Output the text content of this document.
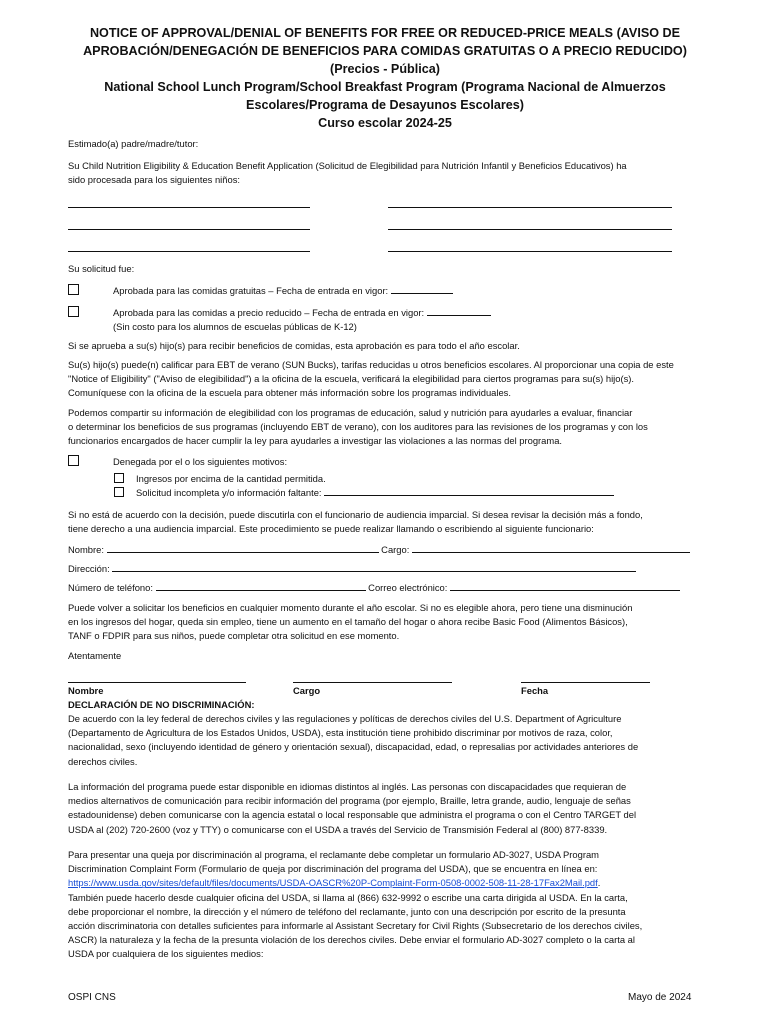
NOTICE OF APPROVAL/DENIAL OF BENEFITS FOR FREE OR REDUCED-PRICE MEALS (AVISO DE
APROBACIÓN/DENEGACIÓN DE BENEFICIOS PARA COMIDAS GRATUITAS O A PRECIO REDUCIDO)
(Precios - Pública)
National School Lunch Program/School Breakfast Program (Programa Nacional de Almuerzos
Escolares/Programa de Desayunos Escolares)
Curso escolar 2024-25
Estimado(a) padre/madre/tutor:
Su Child Nutrition Eligibility & Education Benefit Application (Solicitud de Elegibilidad para Nutrición Infantil y Beneficios Educativos) ha
sido procesada para los siguientes niños:
Su solicitud fue:
Aprobada para las comidas gratuitas – Fecha de entrada en vigor:
Aprobada para las comidas a precio reducido – Fecha de entrada en vigor:
(Sin costo para los alumnos de escuelas públicas de K-12)
Si se aprueba a su(s) hijo(s) para recibir beneficios de comidas, esta aprobación es para todo el año escolar.
Su(s) hijo(s) puede(n) calificar para EBT de verano (SUN Bucks), tarifas reducidas u otros beneficios escolares. Al proporcionar una copia de este
"Notice of Eligibility" ("Aviso de elegibilidad") a la oficina de la escuela, verificará la elegibilidad para ciertos programas para su(s) hijo(s).
Comuníquese con la oficina de la escuela para obtener más información sobre los programas individuales.
Podemos compartir su información de elegibilidad con los programas de educación, salud y nutrición para ayudarles a evaluar, financiar
o determinar los beneficios de sus programas (incluyendo EBT de verano), con los auditores para las revisiones de los programas y con los
funcionarios encargados de hacer cumplir la ley para ayudarles a investigar las violaciones a las normas del programa.
Denegada por el o los siguientes motivos:
Ingresos por encima de la cantidad permitida.
Solicitud incompleta y/o información faltante:
Si no está de acuerdo con la decisión, puede discutirla con el funcionario de audiencia imparcial. Si desea revisar la decisión más a fondo,
tiene derecho a una audiencia imparcial. Este procedimiento se puede realizar llamando o escribiendo al siguiente funcionario:
Nombre:	Cargo:
Dirección:
Número de teléfono:	Correo electrónico:
Puede volver a solicitar los beneficios en cualquier momento durante el año escolar. Si no es elegible ahora, pero tiene una disminución
en los ingresos del hogar, queda sin empleo, tiene un aumento en el tamaño del hogar o ahora recibe Basic Food (Alimentos Básicos),
TANF o FDPIR para sus niños, puede completar otra solicitud en ese momento.
Atentamente
Nombre	Cargo	Fecha
DECLARACIÓN DE NO DISCRIMINACIÓN:
De acuerdo con la ley federal de derechos civiles y las regulaciones y políticas de derechos civiles del U.S. Department of Agriculture
(Departamento de Agricultura de los Estados Unidos, USDA), esta institución tiene prohibido discriminar por motivos de raza, color,
nacionalidad, sexo (incluyendo identidad de género y orientación sexual), discapacidad, edad, o represalias por actividades anteriores de
derechos civiles.
La información del programa puede estar disponible en idiomas distintos al inglés. Las personas con discapacidades que requieran de
medios alternativos de comunicación para recibir información del programa (por ejemplo, Braille, letra grande, audio, lenguaje de señas
estadounidense) deben comunicarse con la agencia estatal o local responsable que administra el programa o con el Centro TARGET del
USDA al (202) 720-2600 (voz y TTY) o comunicarse con el USDA a través del Servicio de Transmisión Federal al (800) 877-8339.
Para presentar una queja por discriminación al programa, el reclamante debe completar un formulario AD-3027, USDA Program
Discrimination Complaint Form (Formulario de queja por discriminación del programa del USDA), que se encuentra en línea en:
https://www.usda.gov/sites/default/files/documents/USDA-OASCR%20P-Complaint-Form-0508-0002-508-11-28-17Fax2Mail.pdf.
También puede hacerlo desde cualquier oficina del USDA, si llama al (866) 632-9992 o escribe una carta dirigida al USDA. En la carta,
debe proporcionar el nombre, la dirección y el número de teléfono del reclamante, junto con una descripción por escrito de la presunta
acción discriminatoria con detalles suficientes para informarle al Assistant Secretary for Civil Rights (Subsecretario de los derechos civiles,
ASCR) la naturaleza y la fecha de la presunta violación de los derechos civiles. Debe enviar el formulario AD-3027 completo o la carta al
USDA por cualquiera de los siguientes medios:
OSPI CNS	Mayo de 2024
